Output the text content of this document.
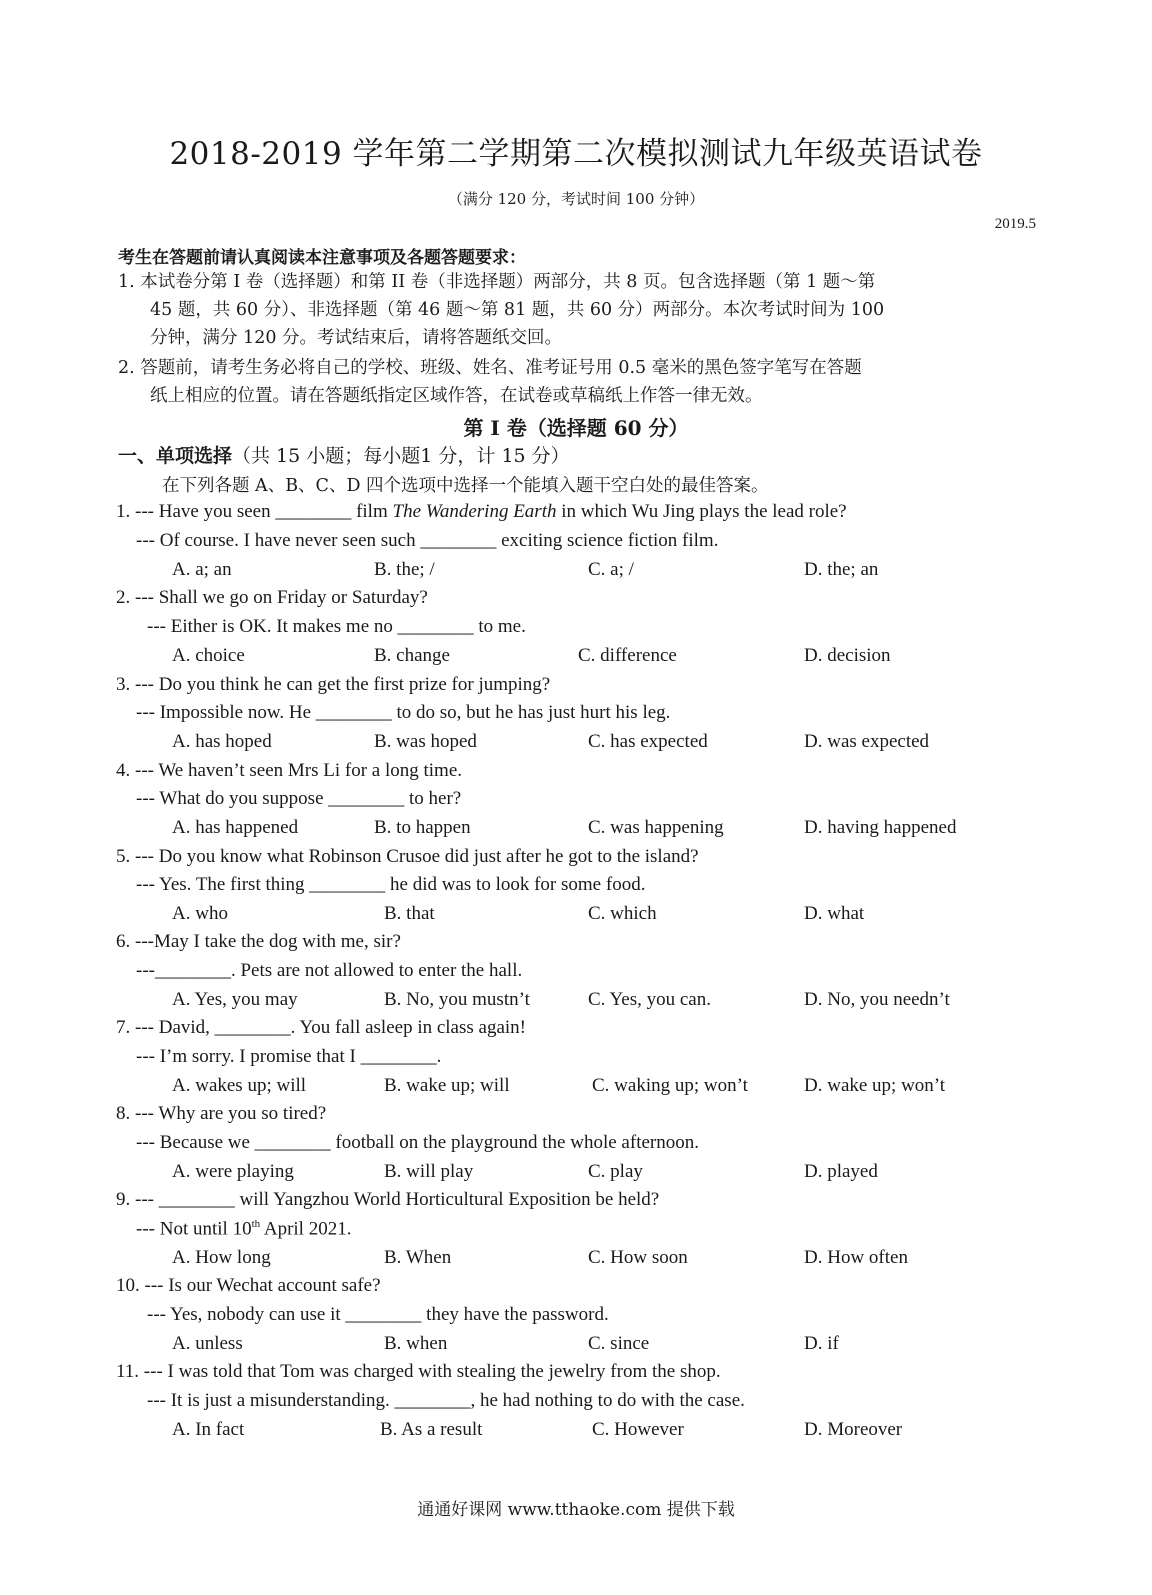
2018-2019 学年第二学期第二次模拟测试九年级英语试卷
（满分 120 分，考试时间 100 分钟）
2019.5
考生在答题前请认真阅读本注意事项及各题答题要求：
1. 本试卷分第 I 卷（选择题）和第 II 卷（非选择题）两部分，共 8 页。包含选择题（第 1 题～第

45 题，共 60 分）、非选择题（第 46 题～第 81 题，共 60 分）两部分。本次考试时间为 100
分钟，满分 120 分。考试结束后，请将答题纸交回。
2. 答题前，请考生务必将自己的学校、班级、姓名、准考证号用 0.5 毫米的黑色签字笔写在答题

纸上相应的位置。请在答题纸指定区域作答，在试卷或草稿纸上作答一律无效。
第 I 卷（选择题 60 分）
一、单项选择（共 15 小题；每小题1 分，计 15 分）
在下列各题 A、B、C、D 四个选项中选择一个能填入题干空白处的最佳答案。
1. --- Have you seen ________ film The Wandering Earth in which Wu Jing plays the lead role?
--- Of course. I have never seen such ________ exciting science fiction film.
A. a; an	B. the; /	C. a; /	D. the; an
2. --- Shall we go on Friday or Saturday?
--- Either is OK. It makes me no ________ to me.
A. choice	B. change	C. difference	D. decision
3. --- Do you think he can get the first prize for jumping?
--- Impossible now. He ________ to do so, but he has just hurt his leg.
A. has hoped	B. was hoped	C. has expected	D. was expected
4. --- We haven’t seen Mrs Li for a long time.
--- What do you suppose ________ to her?
A. has happened	B. to happen	C. was happening	D. having happened
5. --- Do you know what Robinson Crusoe did just after he got to the island?
--- Yes. The first thing ________ he did was to look for some food.
A. who	B. that	C. which	D. what
6. ---May I take the dog with me, sir?
---________. Pets are not allowed to enter the hall.
A. Yes, you may	B. No, you mustn’t	C. Yes, you can.	D. No, you needn’t
7. --- David, ________. You fall asleep in class again!
--- I’m sorry. I promise that I ________.
A. wakes up; will	B. wake up; will	C. waking up; won’t	D. wake up; won’t
8. --- Why are you so tired?
--- Because we ________ football on the playground the whole afternoon.
A. were playing	B. will play	C. play	D. played
9. --- ________ will Yangzhou World Horticultural Exposition be held?
--- Not until 10th April 2021.
A. How long	B. When	C. How soon	D. How often
10. --- Is our Wechat account safe?
--- Yes, nobody can use it ________ they have the password.
A. unless	B. when	C. since	D. if
11. --- I was told that Tom was charged with stealing the jewelry from the shop.
--- It is just a misunderstanding. ________, he had nothing to do with the case.
A. In fact	B. As a result	C. However	D. Moreover
通通好课网 www.tthaoke.com 提供下载
